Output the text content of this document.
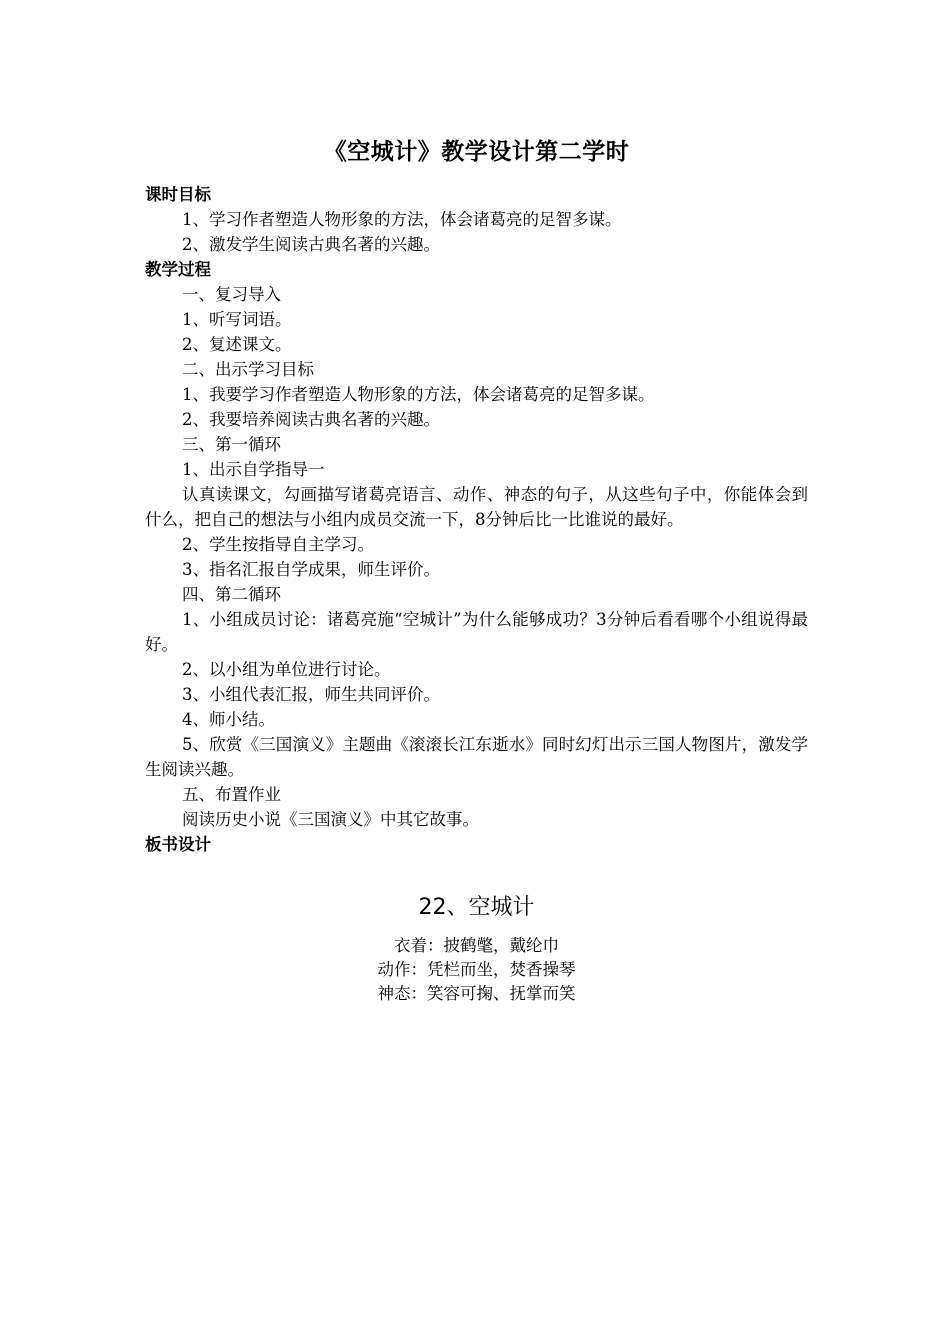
《空城计》教学设计第二学时
课时目标
1、学习作者塑造人物形象的方法，体会诸葛亮的足智多谋。
2、激发学生阅读古典名著的兴趣。
教学过程
一、复习导入
1、听写词语。
2、复述课文。
二、出示学习目标
1、我要学习作者塑造人物形象的方法，体会诸葛亮的足智多谋。
2、我要培养阅读古典名著的兴趣。
三、第一循环
1、出示自学指导一
认真读课文，勾画描写诸葛亮语言、动作、神态的句子，从这些句子中，你能体会到什么，把自己的想法与小组内成员交流一下，8分钟后比一比谁说的最好。
2、学生按指导自主学习。
3、指名汇报自学成果，师生评价。
四、第二循环
1、小组成员讨论：诸葛亮施“空城计”为什么能够成功？3分钟后看看哪个小组说得最好。
2、以小组为单位进行讨论。
3、小组代表汇报，师生共同评价。
4、师小结。
5、欣赏《三国演义》主题曲《滚滚长江东逝水》同时幻灯出示三国人物图片，激发学生阅读兴趣。
五、布置作业
阅读历史小说《三国演义》中其它故事。
板书设计
22、空城计
衣着：披鹤氅，戴纶巾
动作：凭栏而坐，焚香操琴
神态：笑容可掬、抚掌而笑
